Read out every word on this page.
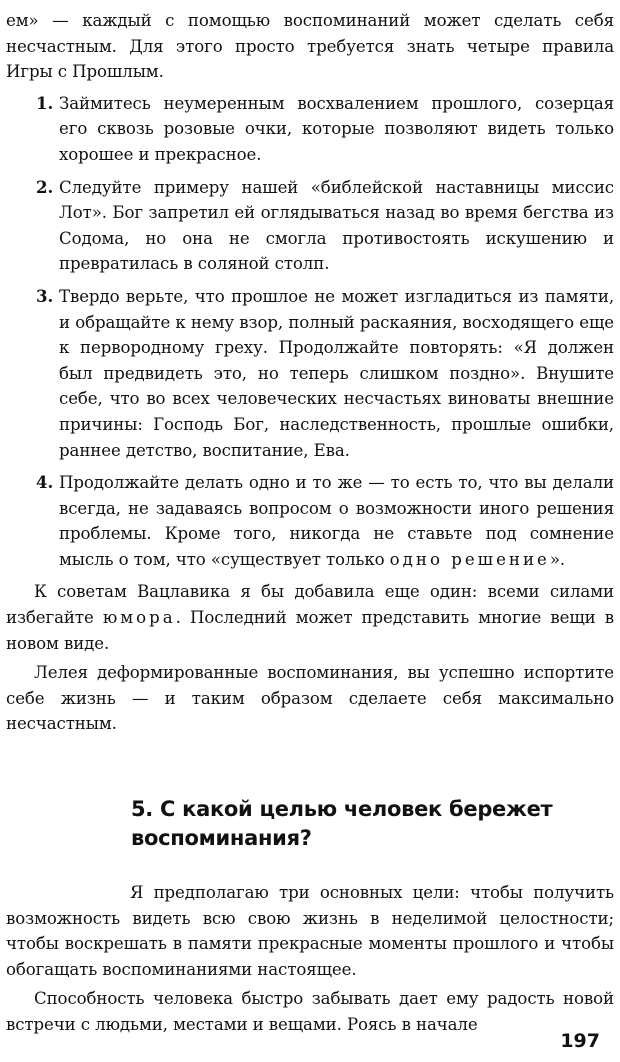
ем» — каждый с помощью воспоминаний может сделать себя несчастным. Для этого просто требуется знать четыре правила Игры с Прошлым.

1. Займитесь неумеренным восхвалением прошлого, созерцая его сквозь розовые очки, которые позволяют видеть только хорошее и прекрасное.
2. Следуйте примеру нашей «библейской наставницы миссис Лот». Бог запретил ей оглядываться назад во время бегства из Содома, но она не смогла противостоять искушению и превратилась в соляной столп.
3. Твердо верьте, что прошлое не может изгладиться из памяти, и обращайте к нему взор, полный раскаяния, восходящего еще к первородному греху. Продолжайте повторять: «Я должен был предвидеть это, но теперь слишком поздно». Внушите себе, что во всех человеческих несчастьях виноваты внешние причины: Господь Бог, наследственность, прошлые ошибки, раннее детство, воспитание, Ева.
4. Продолжайте делать одно и то же — то есть то, что вы делали всегда, не задаваясь вопросом о возможности иного решения проблемы. Кроме того, никогда не ставьте под сомнение мысль о том, что «существует только одно решение».

К советам Вацлавика я бы добавила еще один: всеми силами избегайте юмора. Последний может представить многие вещи в новом виде.

Лелея деформированные воспоминания, вы успешно испортите себе жизнь — и таким образом сделаете себя максимально несчастным.

5. С какой целью человек бережет воспоминания?

Я предполагаю три основных цели: чтобы получить возможность видеть всю свою жизнь в неделимой целостности; чтобы воскрешать в памяти прекрасные моменты прошлого и чтобы обогащать воспоминаниями настоящее.

Способность человека быстро забывать дает ему радость новой встречи с людьми, местами и вещами. Роясь в начале

197
